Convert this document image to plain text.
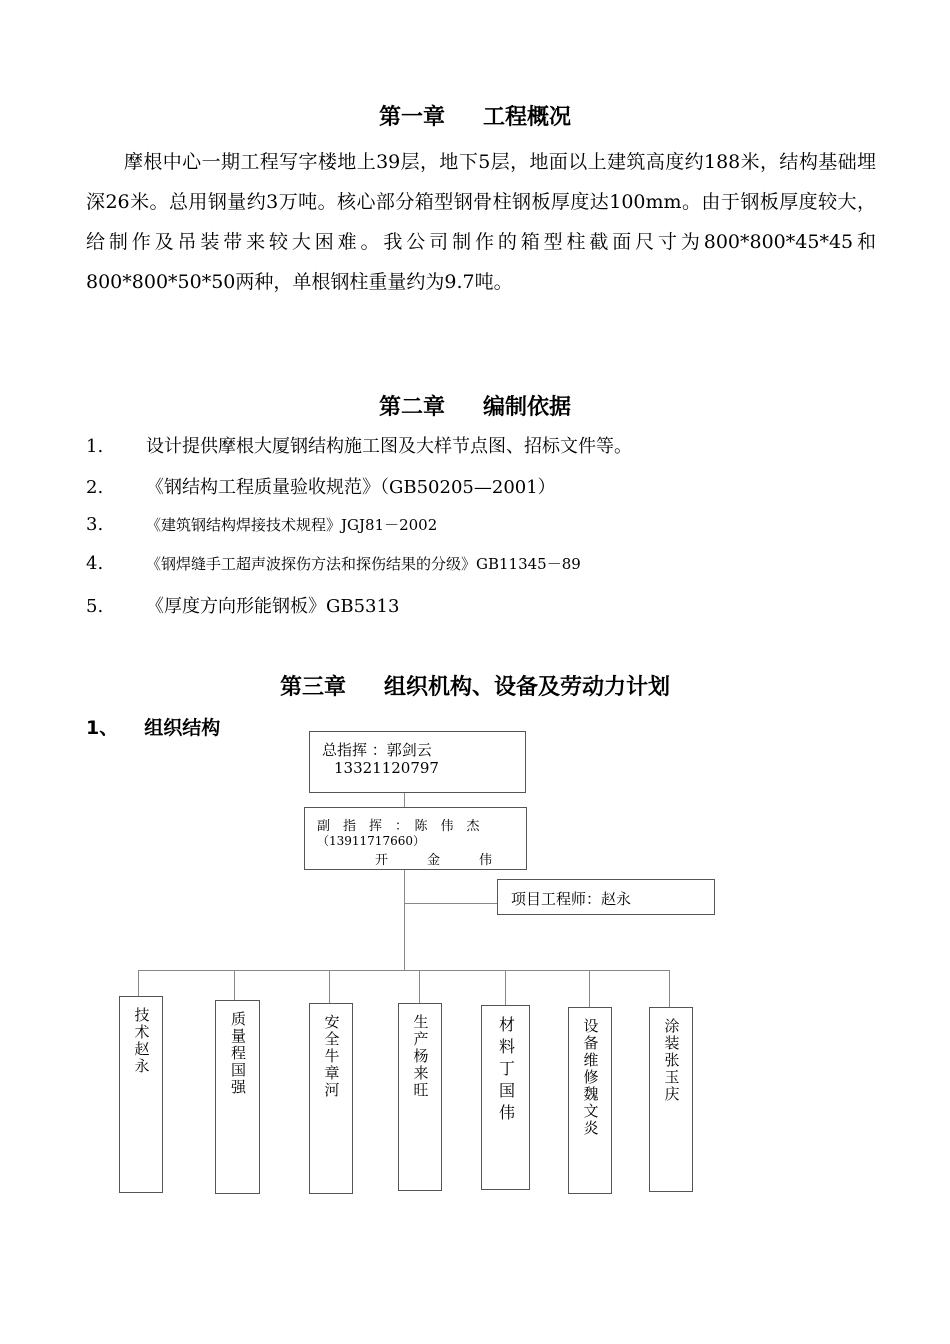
第一章 工程概况
摩根中心一期工程写字楼地上39层，地下5层，地面以上建筑高度约188米，结构基础埋深26米。总用钢量约3万吨。核心部分箱型钢骨柱钢板厚度达100mm。由于钢板厚度较大，给制作及吊装带来较大困难。我公司制作的箱型柱截面尺寸为800*800*45*45和800*800*50*50两种，单根钢柱重量约为9.7吨。
第二章 编制依据
1. 设计提供摩根大厦钢结构施工图及大样节点图、招标文件等。
2. 《钢结构工程质量验收规范》（GB50205—2001）
3.	《建筑钢结构焊接技术规程》JGJ81－2002
4.	《钢焊缝手工超声波探伤方法和探伤结果的分级》GB11345－89
5. 《厚度方向形能钢板》GB5313
第三章 组织机构、设备及劳动力计划
1、 组织结构
总指挥 ：郭剑云
13321120797
副　指　挥　：　陈　伟　杰
（13911717660）
开　　　金　　　伟
项目工程师：赵永
技术赵永	质量程国强	安全牛章河	生产杨来旺	材料丁国伟	设备维修魏文炎	涂装张玉庆
